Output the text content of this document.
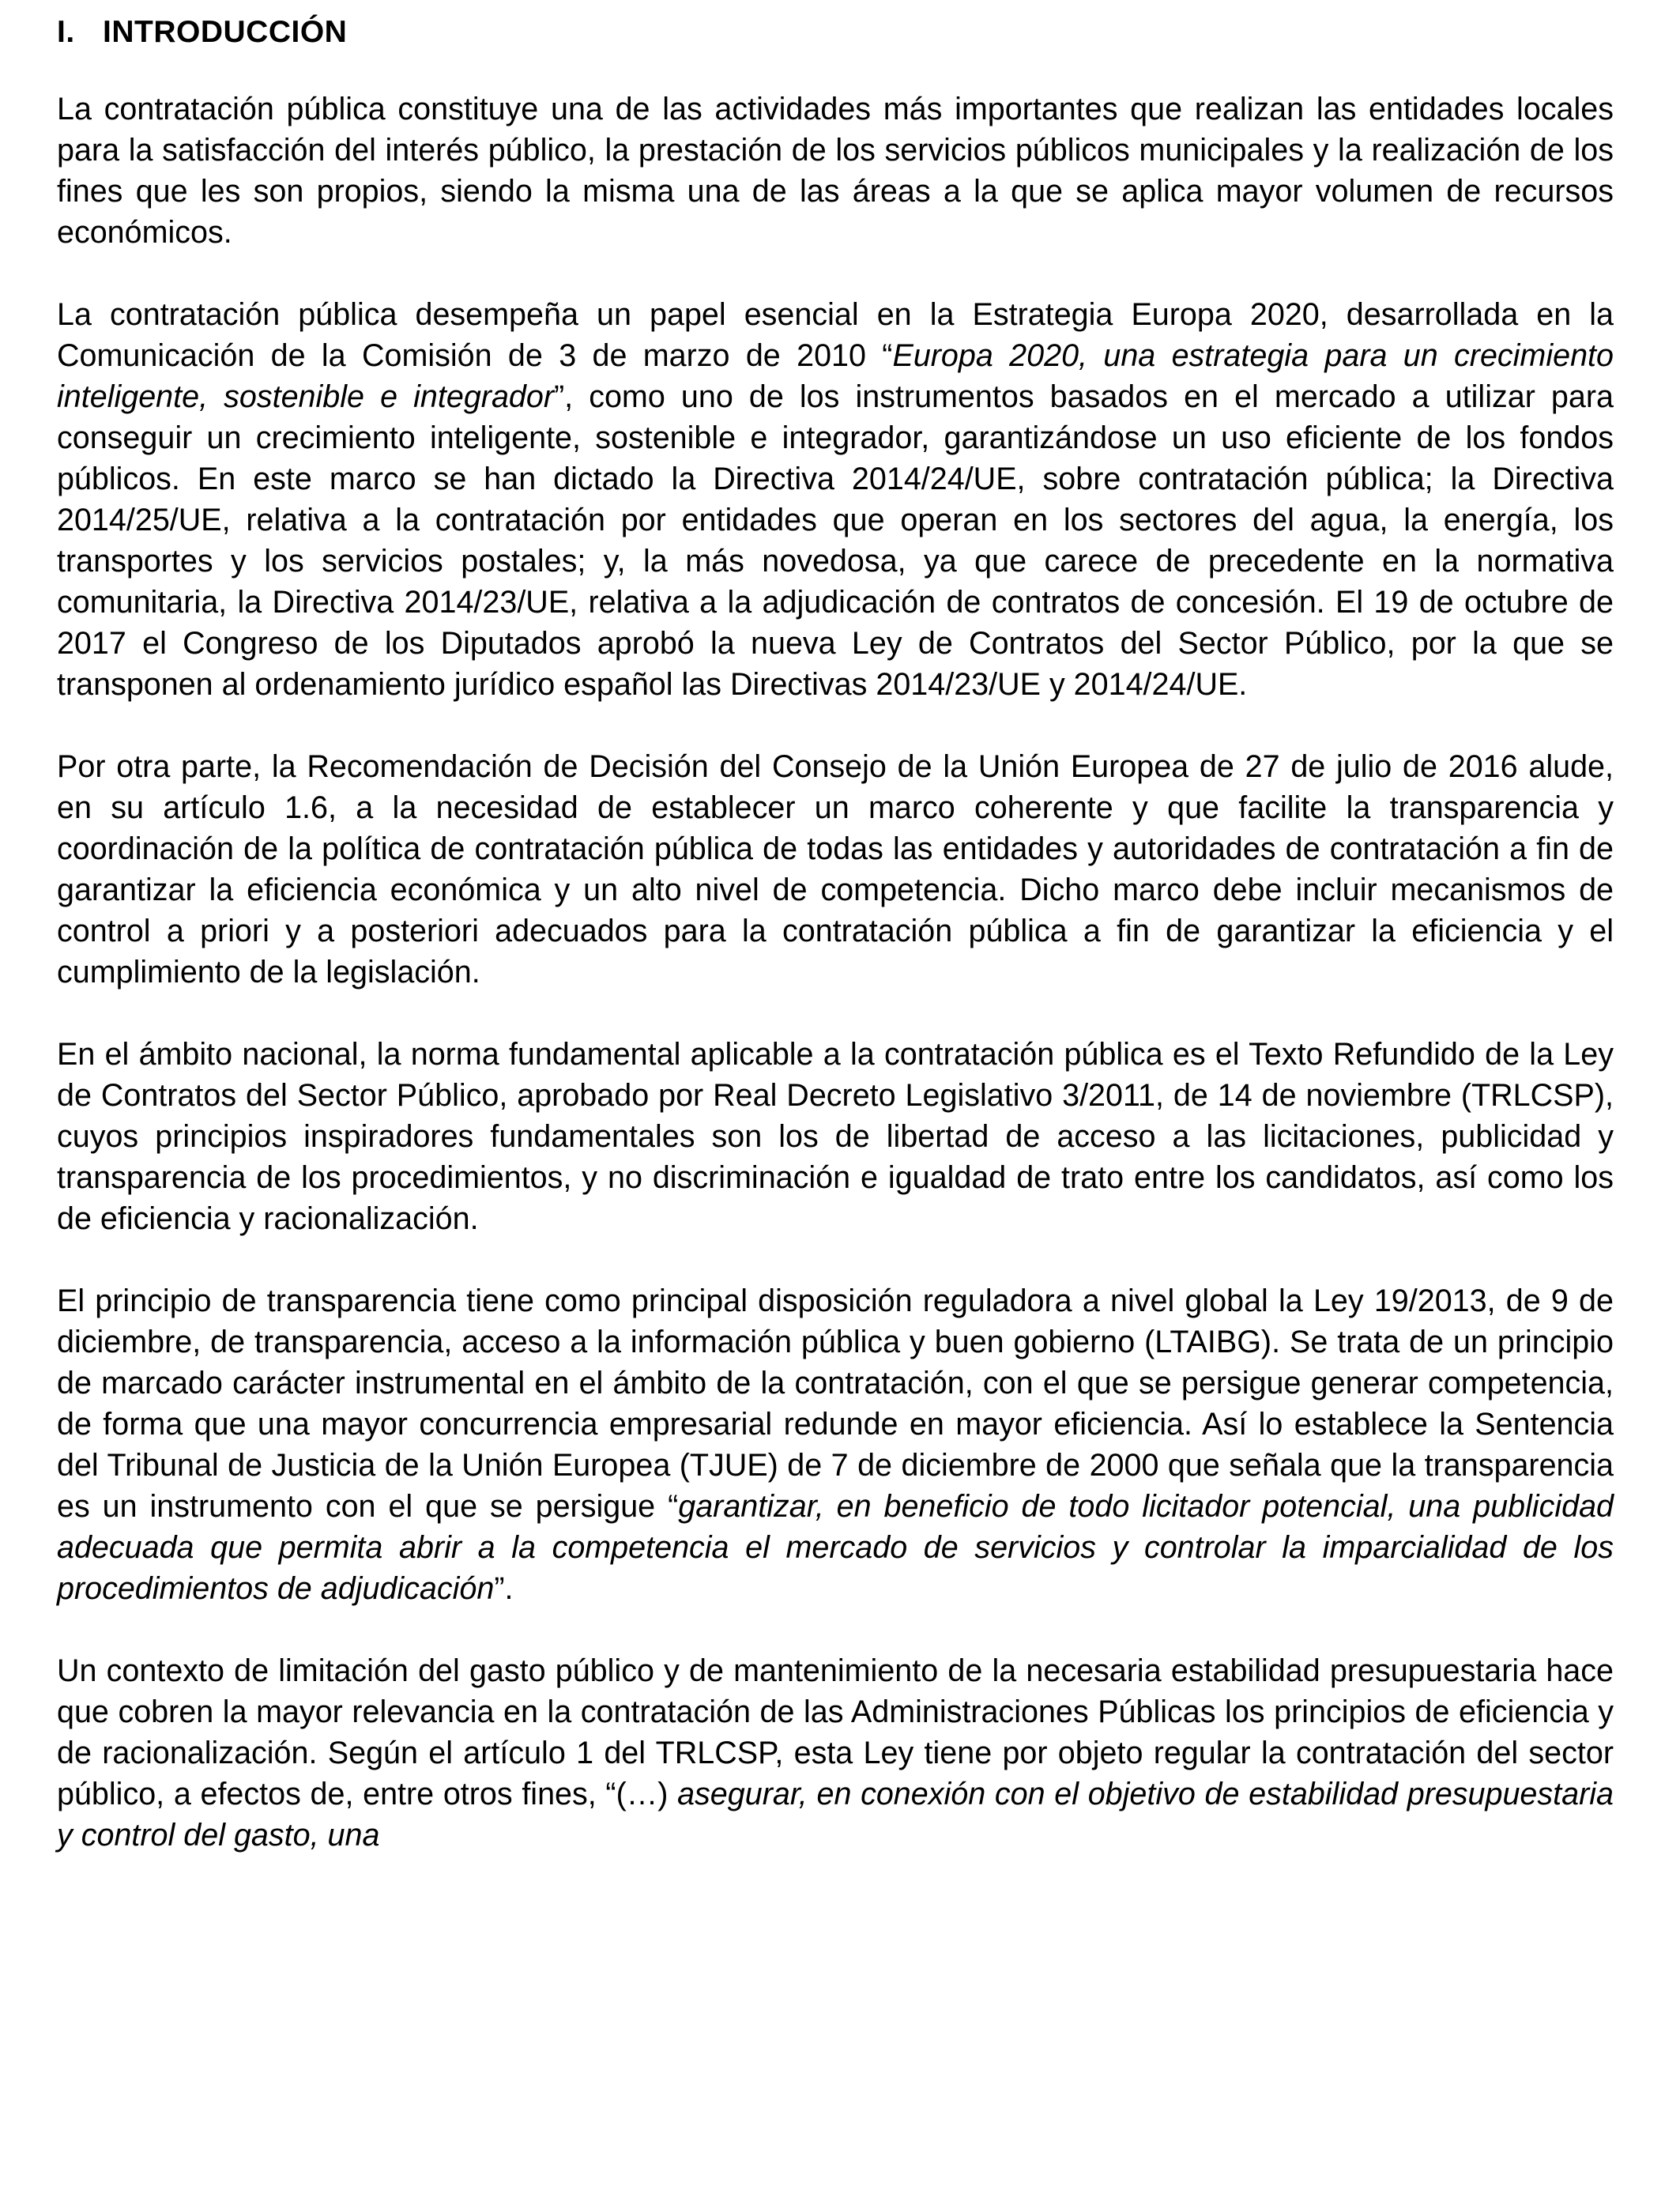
I. INTRODUCCIÓN

La contratación pública constituye una de las actividades más importantes que realizan las entidades locales para la satisfacción del interés público, la prestación de los servicios públicos municipales y la realización de los fines que les son propios, siendo la misma una de las áreas a la que se aplica mayor volumen de recursos económicos.

La contratación pública desempeña un papel esencial en la Estrategia Europa 2020, desarrollada en la Comunicación de la Comisión de 3 de marzo de 2010 “Europa 2020, una estrategia para un crecimiento inteligente, sostenible e integrador”, como uno de los instrumentos basados en el mercado a utilizar para conseguir un crecimiento inteligente, sostenible e integrador, garantizándose un uso eficiente de los fondos públicos. En este marco se han dictado la Directiva 2014/24/UE, sobre contratación pública; la Directiva 2014/25/UE, relativa a la contratación por entidades que operan en los sectores del agua, la energía, los transportes y los servicios postales; y, la más novedosa, ya que carece de precedente en la normativa comunitaria, la Directiva 2014/23/UE, relativa a la adjudicación de contratos de concesión. El 19 de octubre de 2017 el Congreso de los Diputados aprobó la nueva Ley de Contratos del Sector Público, por la que se transponen al ordenamiento jurídico español las Directivas 2014/23/UE y 2014/24/UE.

Por otra parte, la Recomendación de Decisión del Consejo de la Unión Europea de 27 de julio de 2016 alude, en su artículo 1.6, a la necesidad de establecer un marco coherente y que facilite la transparencia y coordinación de la política de contratación pública de todas las entidades y autoridades de contratación a fin de garantizar la eficiencia económica y un alto nivel de competencia. Dicho marco debe incluir mecanismos de control a priori y a posteriori adecuados para la contratación pública a fin de garantizar la eficiencia y el cumplimiento de la legislación.

En el ámbito nacional, la norma fundamental aplicable a la contratación pública es el Texto Refundido de la Ley de Contratos del Sector Público, aprobado por Real Decreto Legislativo 3/2011, de 14 de noviembre (TRLCSP), cuyos principios inspiradores fundamentales son los de libertad de acceso a las licitaciones, publicidad y transparencia de los procedimientos, y no discriminación e igualdad de trato entre los candidatos, así como los de eficiencia y racionalización.

El principio de transparencia tiene como principal disposición reguladora a nivel global la Ley 19/2013, de 9 de diciembre, de transparencia, acceso a la información pública y buen gobierno (LTAIBG). Se trata de un principio de marcado carácter instrumental en el ámbito de la contratación, con el que se persigue generar competencia, de forma que una mayor concurrencia empresarial redunde en mayor eficiencia. Así lo establece la Sentencia del Tribunal de Justicia de la Unión Europea (TJUE) de 7 de diciembre de 2000 que señala que la transparencia es un instrumento con el que se persigue “garantizar, en beneficio de todo licitador potencial, una publicidad adecuada que permita abrir a la competencia el mercado de servicios y controlar la imparcialidad de los procedimientos de adjudicación”.

Un contexto de limitación del gasto público y de mantenimiento de la necesaria estabilidad presupuestaria hace que cobren la mayor relevancia en la contratación de las Administraciones Públicas los principios de eficiencia y de racionalización. Según el artículo 1 del TRLCSP, esta Ley tiene por objeto regular la contratación del sector público, a efectos de, entre otros fines, “(…) asegurar, en conexión con el objetivo de estabilidad presupuestaria y control del gasto, una
